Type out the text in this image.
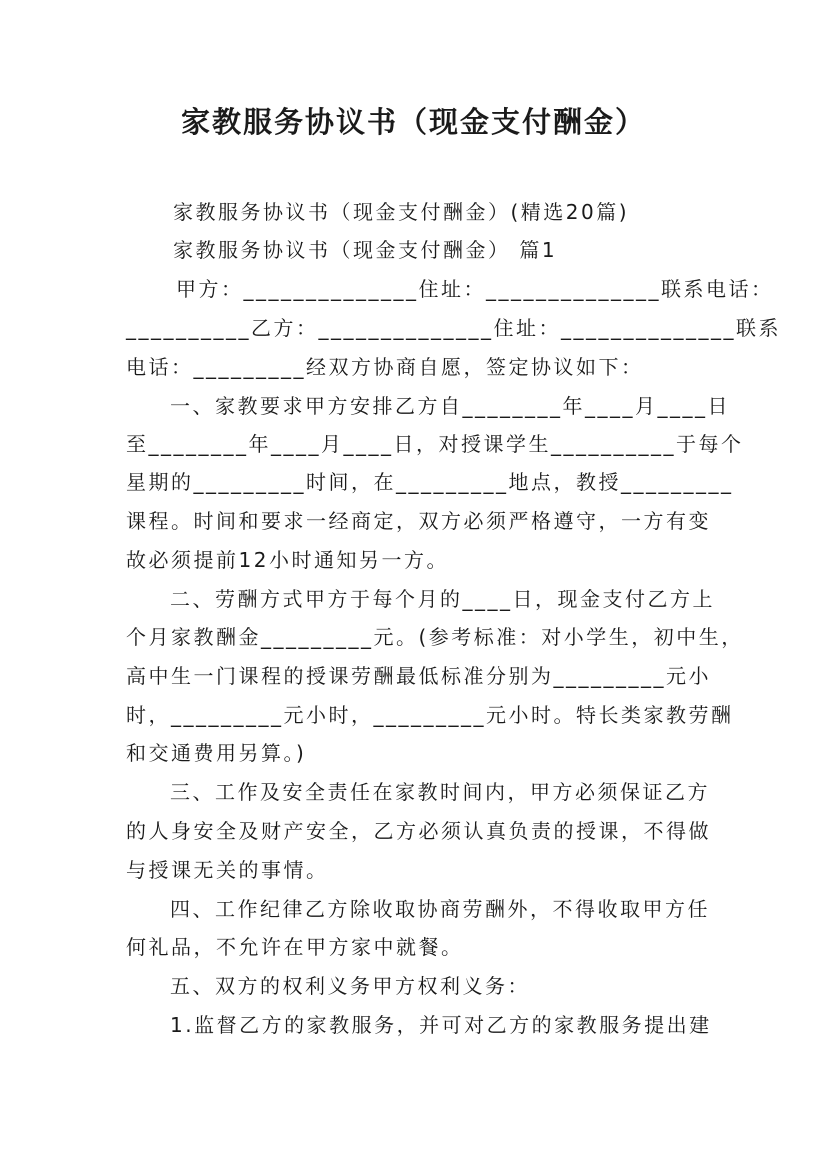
家教服务协议书（现金支付酬金）
家教服务协议书（现金支付酬金）(精选20篇)
家教服务协议书（现金支付酬金） 篇1
甲方：______________住址：______________联系电话：
__________乙方：______________住址：______________联系
电话：_________经双方协商自愿，签定协议如下：
一、家教要求甲方安排乙方自________年____月____日
至________年____月____日，对授课学生__________于每个
星期的_________时间，在_________地点，教授_________
课程。时间和要求一经商定，双方必须严格遵守，一方有变
故必须提前12小时通知另一方。
二、劳酬方式甲方于每个月的____日，现金支付乙方上
个月家教酬金_________元。(参考标准：对小学生，初中生，
高中生一门课程的授课劳酬最低标准分别为_________元小
时，_________元小时，_________元小时。特长类家教劳酬
和交通费用另算。)
三、工作及安全责任在家教时间内，甲方必须保证乙方
的人身安全及财产安全，乙方必须认真负责的授课，不得做
与授课无关的事情。
四、工作纪律乙方除收取协商劳酬外，不得收取甲方任
何礼品，不允许在甲方家中就餐。
五、双方的权利义务甲方权利义务：
1.监督乙方的家教服务，并可对乙方的家教服务提出建
